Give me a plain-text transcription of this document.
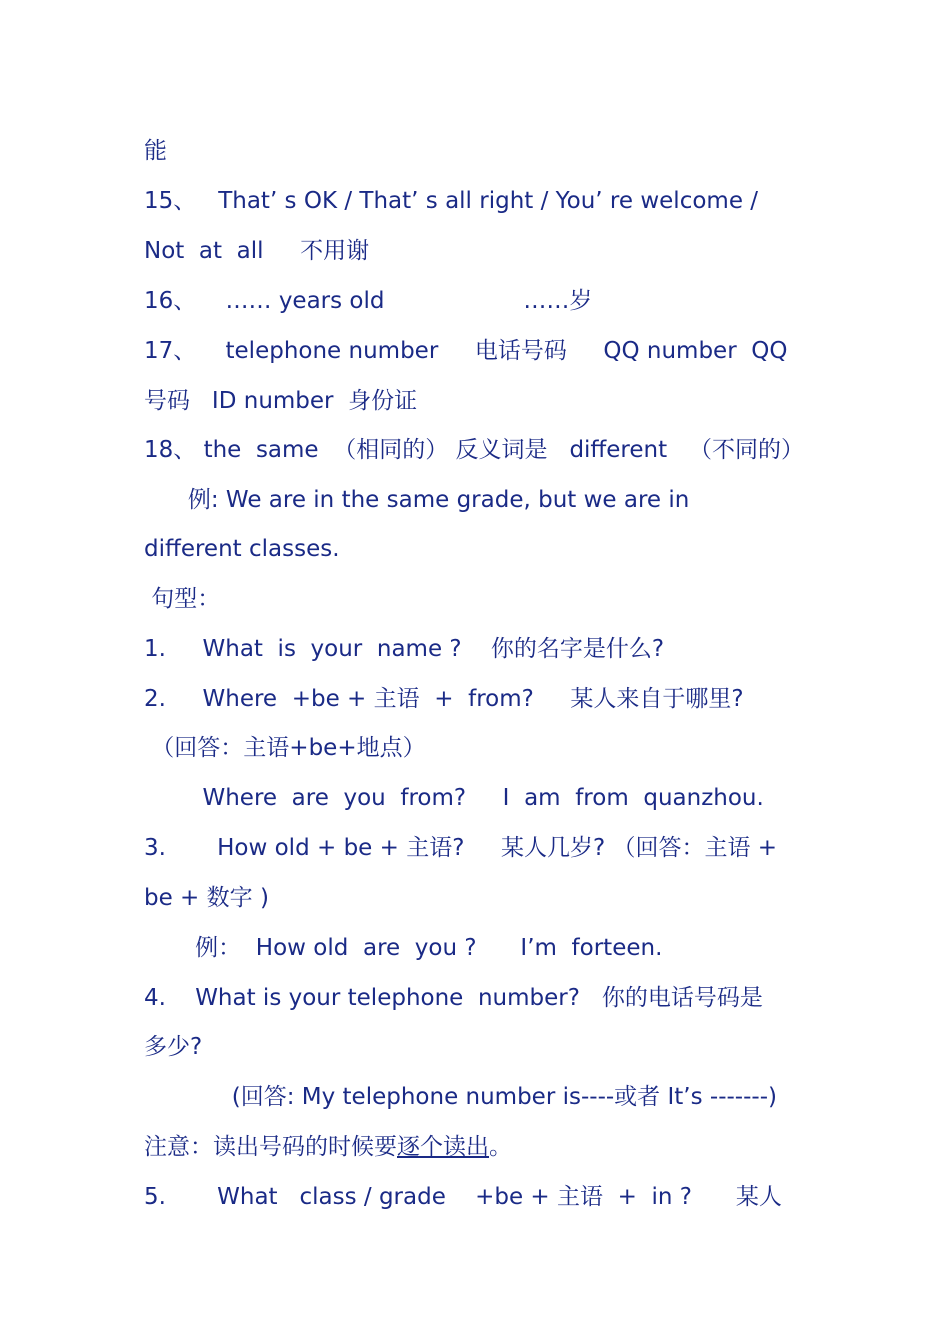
能
15、   That’ s OK / That’ s all right / You’ re welcome /
Not  at  all     不用谢
16、    …… years old                   ……岁
17、    telephone number     电话号码     QQ number  QQ
号码   ID number  身份证
18、 the  same  （相同的） 反义词是   different   （不同的）
例: We are in the same grade, but we are in
different classes.
句型：
1.     What  is  your  name ?    你的名字是什么?
2.     Where  +be + 主语  +  from?     某人来自于哪里?
（回答：主语+be+地点）
Where  are  you  from?     I  am  from  quanzhou.
3.       How old + be + 主语?     某人几岁? （回答：主语 +
be + 数字 )
例：  How old  are  you ?      I’m  forteen.
4.    What is your telephone  number?   你的电话号码是
多少?
(回答: My telephone number is----或者 It’s -------)
注意：读出号码的时候要逐个读出。
5.       What   class / grade    +be + 主语  +  in ?      某人
